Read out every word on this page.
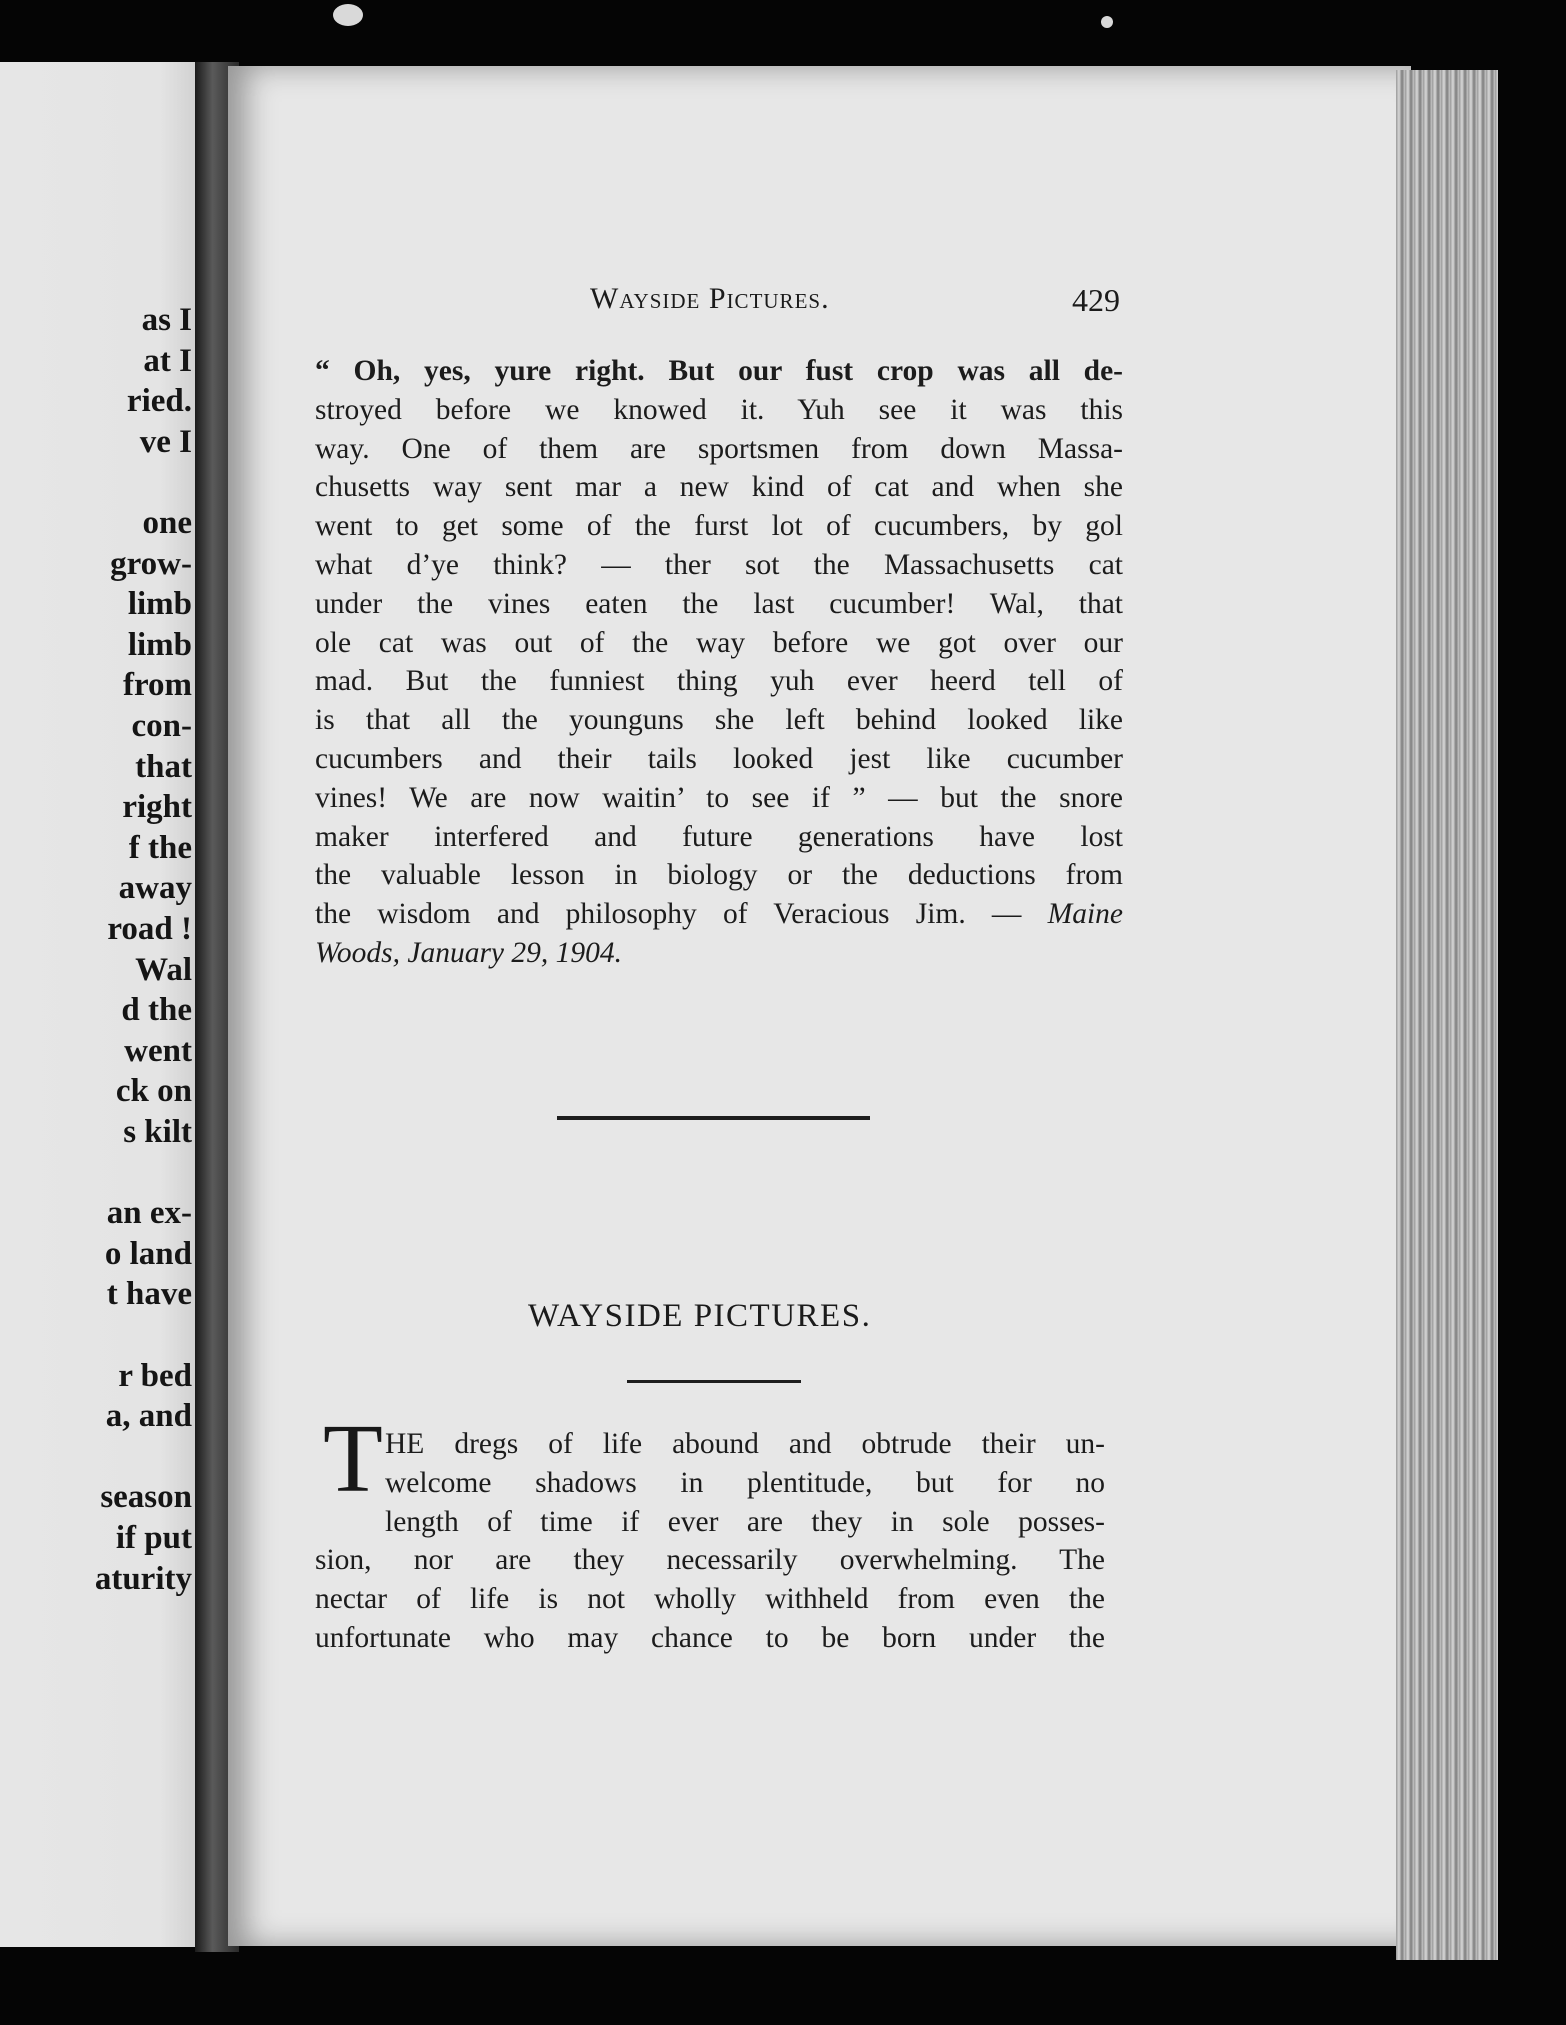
as I
at I
ried.
ve I
one
grow-
limb
limb
from
con-
that
right
f the
away
road !
Wal
d the
went
ck on
s kilt
an ex-
o land
t have
r bed
a, and
season
if put
aturity
Wayside Pictures.	429
“ Oh, yes, yure right. But our fust crop was all de-
stroyed before we knowed it. Yuh see it was this
way. One of them are sportsmen from down Massa-
chusetts way sent mar a new kind of cat and when she
went to get some of the furst lot of cucumbers, by gol
what d’ye think? — ther sot the Massachusetts cat
under the vines eaten the last cucumber! Wal, that
ole cat was out of the way before we got over our
mad. But the funniest thing yuh ever heerd tell of
is that all the younguns she left behind looked like
cucumbers and their tails looked jest like cucumber
vines! We are now waitin’ to see if ” — but the snore
maker interfered and future generations have lost
the valuable lesson in biology or the deductions from
the wisdom and philosophy of Veracious Jim. — Maine
Woods, January 29, 1904.
WAYSIDE PICTURES.
T HE dregs of life abound and obtrude their un-
welcome shadows in plentitude, but for no
length of time if ever are they in sole posses-
sion, nor are they necessarily overwhelming. The
nectar of life is not wholly withheld from even the
unfortunate who may chance to be born under the
